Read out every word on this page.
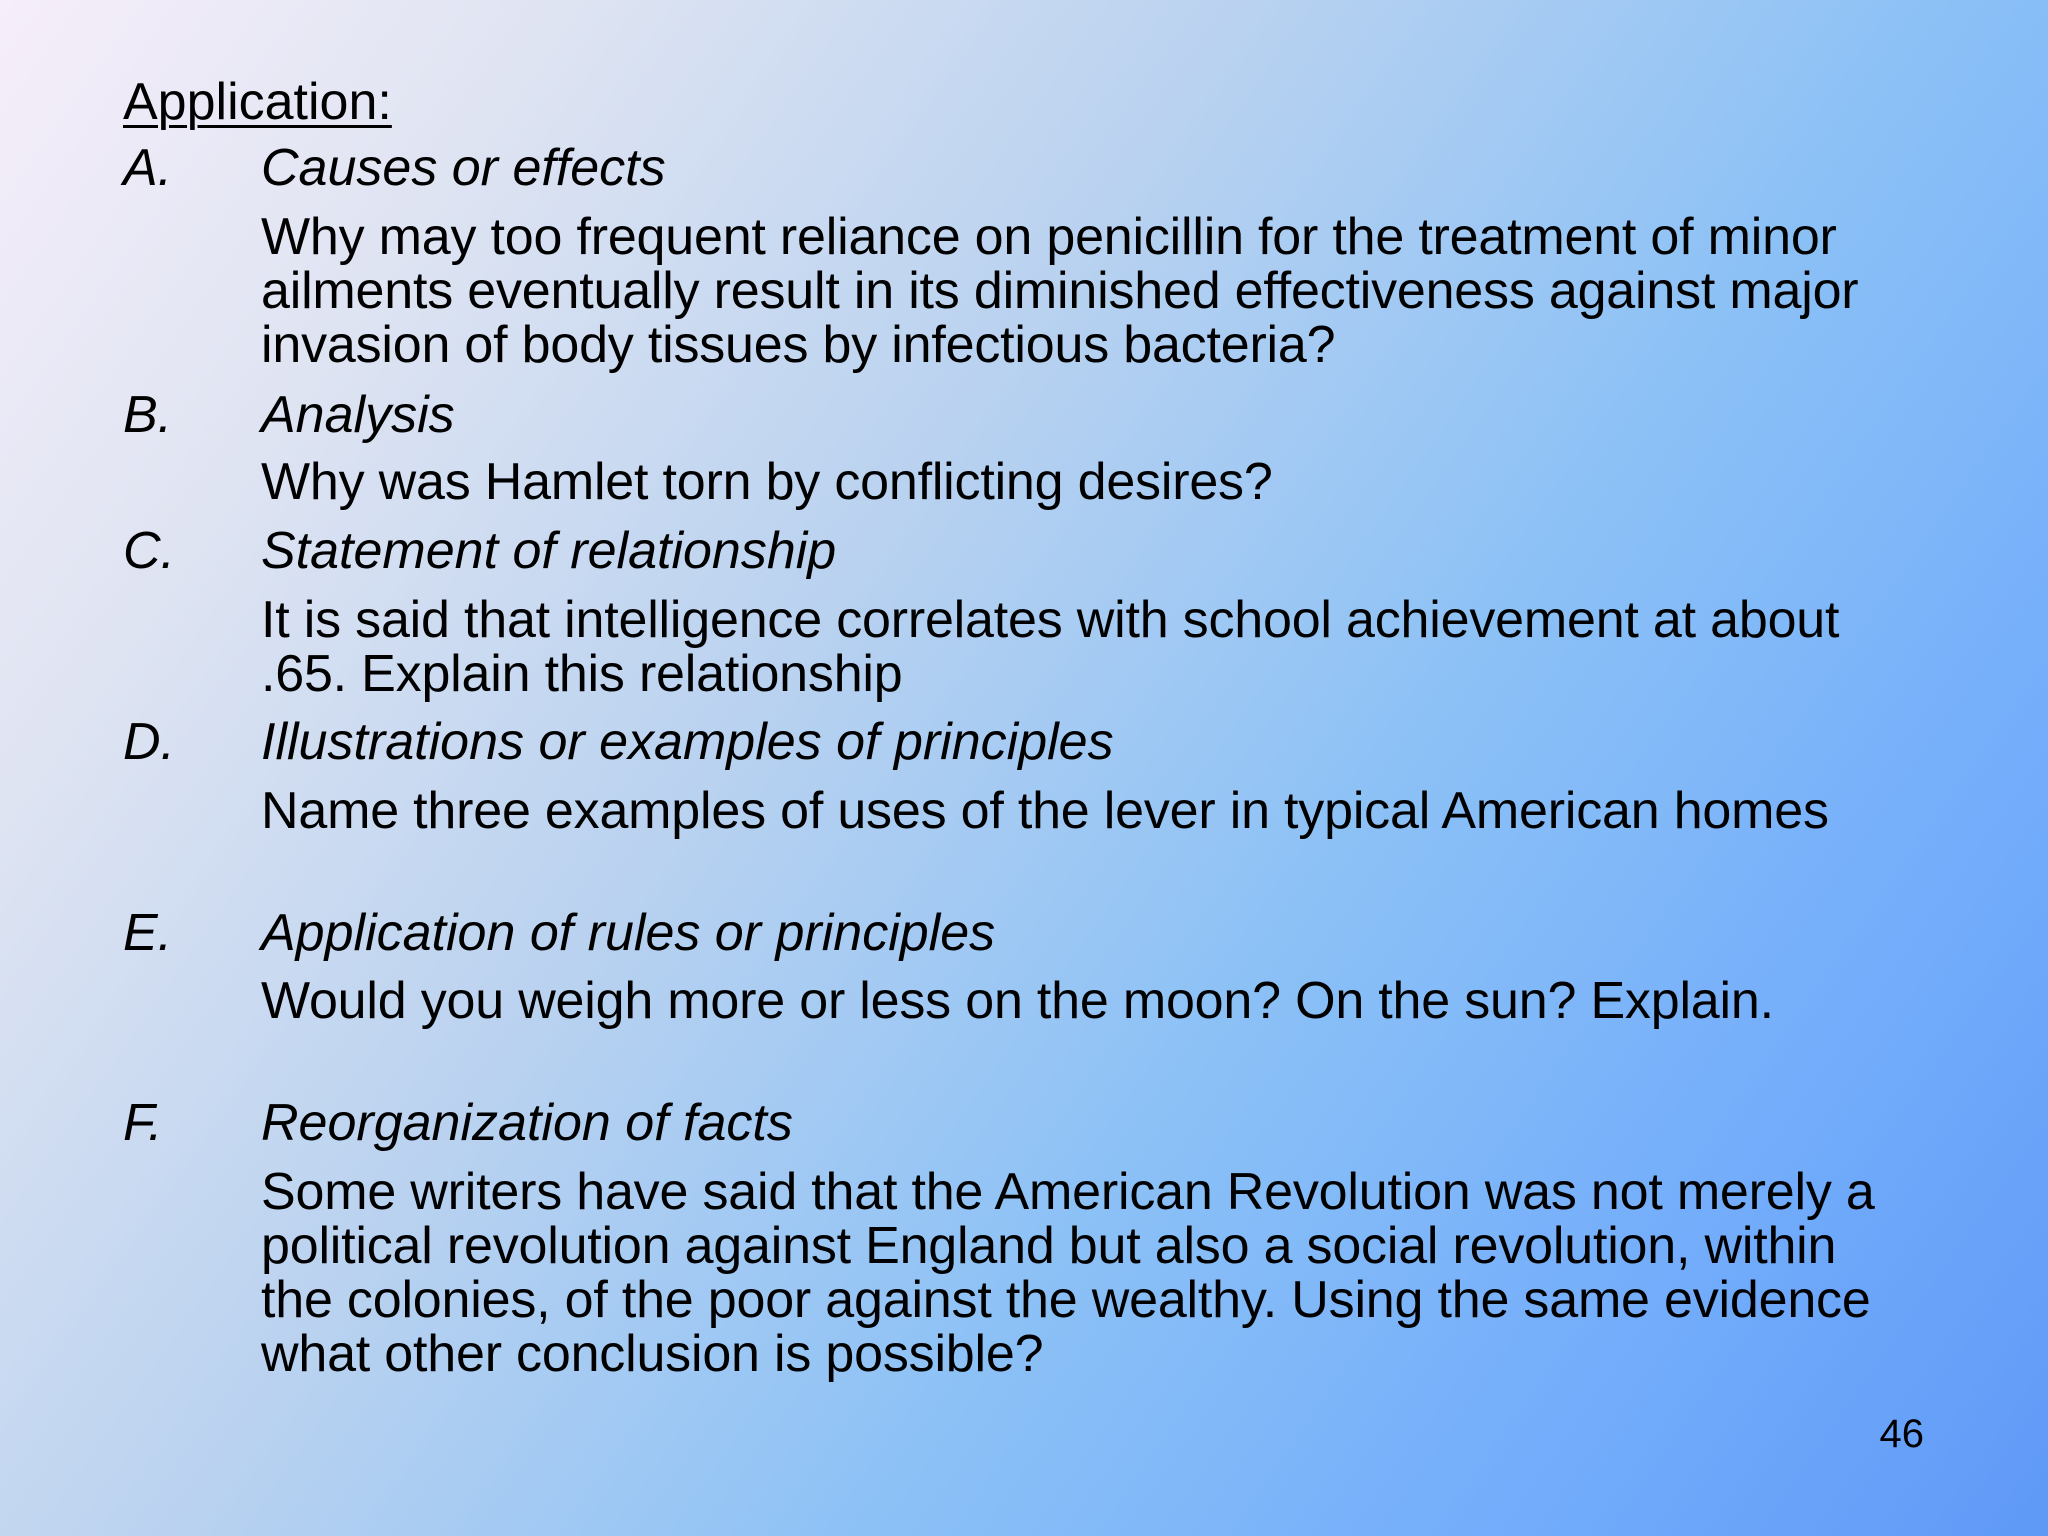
Application:
A. Causes or effects
Why may too frequent reliance on penicillin for the treatment of minor ailments eventually result in its diminished effectiveness against major invasion of body tissues by infectious bacteria?
B. Analysis
Why was Hamlet torn by conflicting desires?
C. Statement of relationship
It is said that intelligence correlates with school achievement at about .65. Explain this relationship
D. Illustrations or examples of principles
Name three examples of uses of the lever in typical American homes
E. Application of rules or principles
Would you weigh more or less on the moon? On the sun? Explain.
F. Reorganization of facts
Some writers have said that the American Revolution was not merely a political revolution against England but also a social revolution, within the colonies, of the poor against the wealthy. Using the same evidence what other conclusion is possible?
46
